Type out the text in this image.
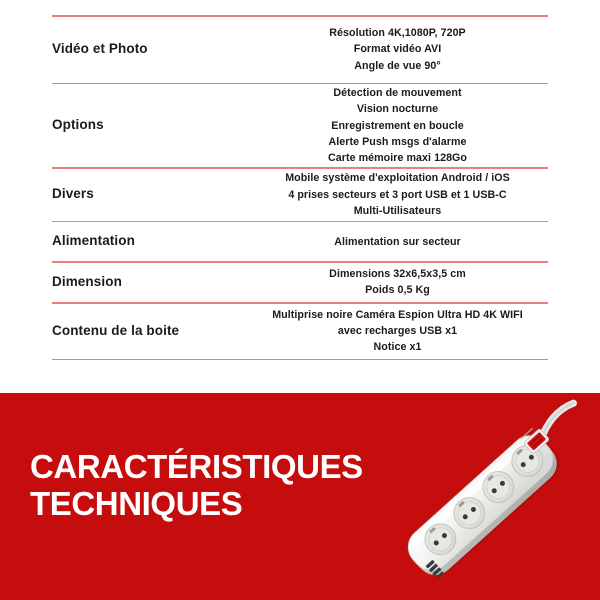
Vidéo et Photo
Résolution 4K,1080P, 720P
Format vidéo AVI
Angle de vue 90°
Options
Détection de mouvement
Vision nocturne
Enregistrement en boucle
Alerte Push msgs d'alarme
Carte mémoire maxi 128Go
Divers
Mobile système d'exploitation Android / iOS
4 prises secteurs et 3 port USB et 1 USB-C
Multi-Utilisateurs
Alimentation	Alimentation sur secteur
Dimension	Dimensions 32x6,5x3,5 cm
Poids 0,5 Kg
Contenu de la boite
Multiprise noire Caméra Espion Ultra HD 4K WIFI
avec recharges USB x1
Notice x1
CARACTÉRISTIQUES
TECHNIQUES
